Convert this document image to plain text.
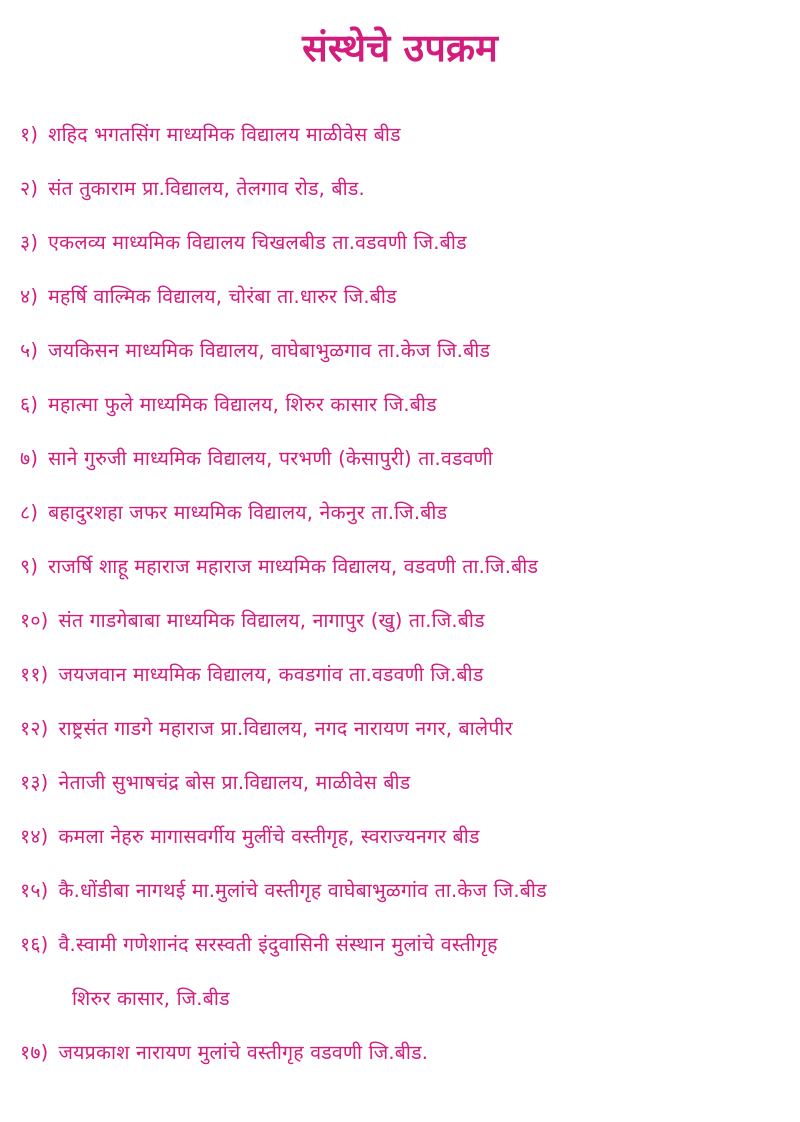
संस्थेचे उपक्रम
१) शहिद भगतसिंग माध्यमिक विद्यालय माळीवेस बीड
२) संत तुकाराम प्रा.विद्यालय, तेलगाव रोड, बीड.
३) एकलव्य माध्यमिक विद्यालय चिखलबीड ता.वडवणी जि.बीड
४) महर्षि वाल्मिक विद्यालय, चोरंबा ता.धारुर जि.बीड
५) जयकिसन माध्यमिक विद्यालय, वाघेबाभुळगाव ता.केज जि.बीड
६) महात्मा फुले माध्यमिक विद्यालय, शिरुर कासार जि.बीड
७) साने गुरुजी माध्यमिक विद्यालय, परभणी (केसापुरी) ता.वडवणी
८) बहादुरशहा जफर माध्यमिक विद्यालय, नेकनुर ता.जि.बीड
९) राजर्षि शाहू महाराज महाराज माध्यमिक विद्यालय, वडवणी ता.जि.बीड
१०) संत गाडगेबाबा माध्यमिक विद्यालय, नागापुर (खु) ता.जि.बीड
११) जयजवान माध्यमिक विद्यालय, कवडगांव ता.वडवणी जि.बीड
१२) राष्ट्रसंत गाडगे महाराज प्रा.विद्यालय, नगद नारायण नगर, बालेपीर
१३) नेताजी सुभाषचंद्र बोस प्रा.विद्यालय, माळीवेस बीड
१४) कमला नेहरु मागासवर्गीय मुलींचे वस्तीगृह, स्वराज्यनगर बीड
१५) कै.धोंडीबा नागथई मा.मुलांचे वस्तीगृह वाघेबाभुळगांव ता.केज जि.बीड
१६) वै.स्वामी गणेशानंद सरस्वती इंदुवासिनी संस्थान मुलांचे वस्तीगृह
शिरुर कासार, जि.बीड
१७) जयप्रकाश नारायण मुलांचे वस्तीगृह वडवणी जि.बीड.
